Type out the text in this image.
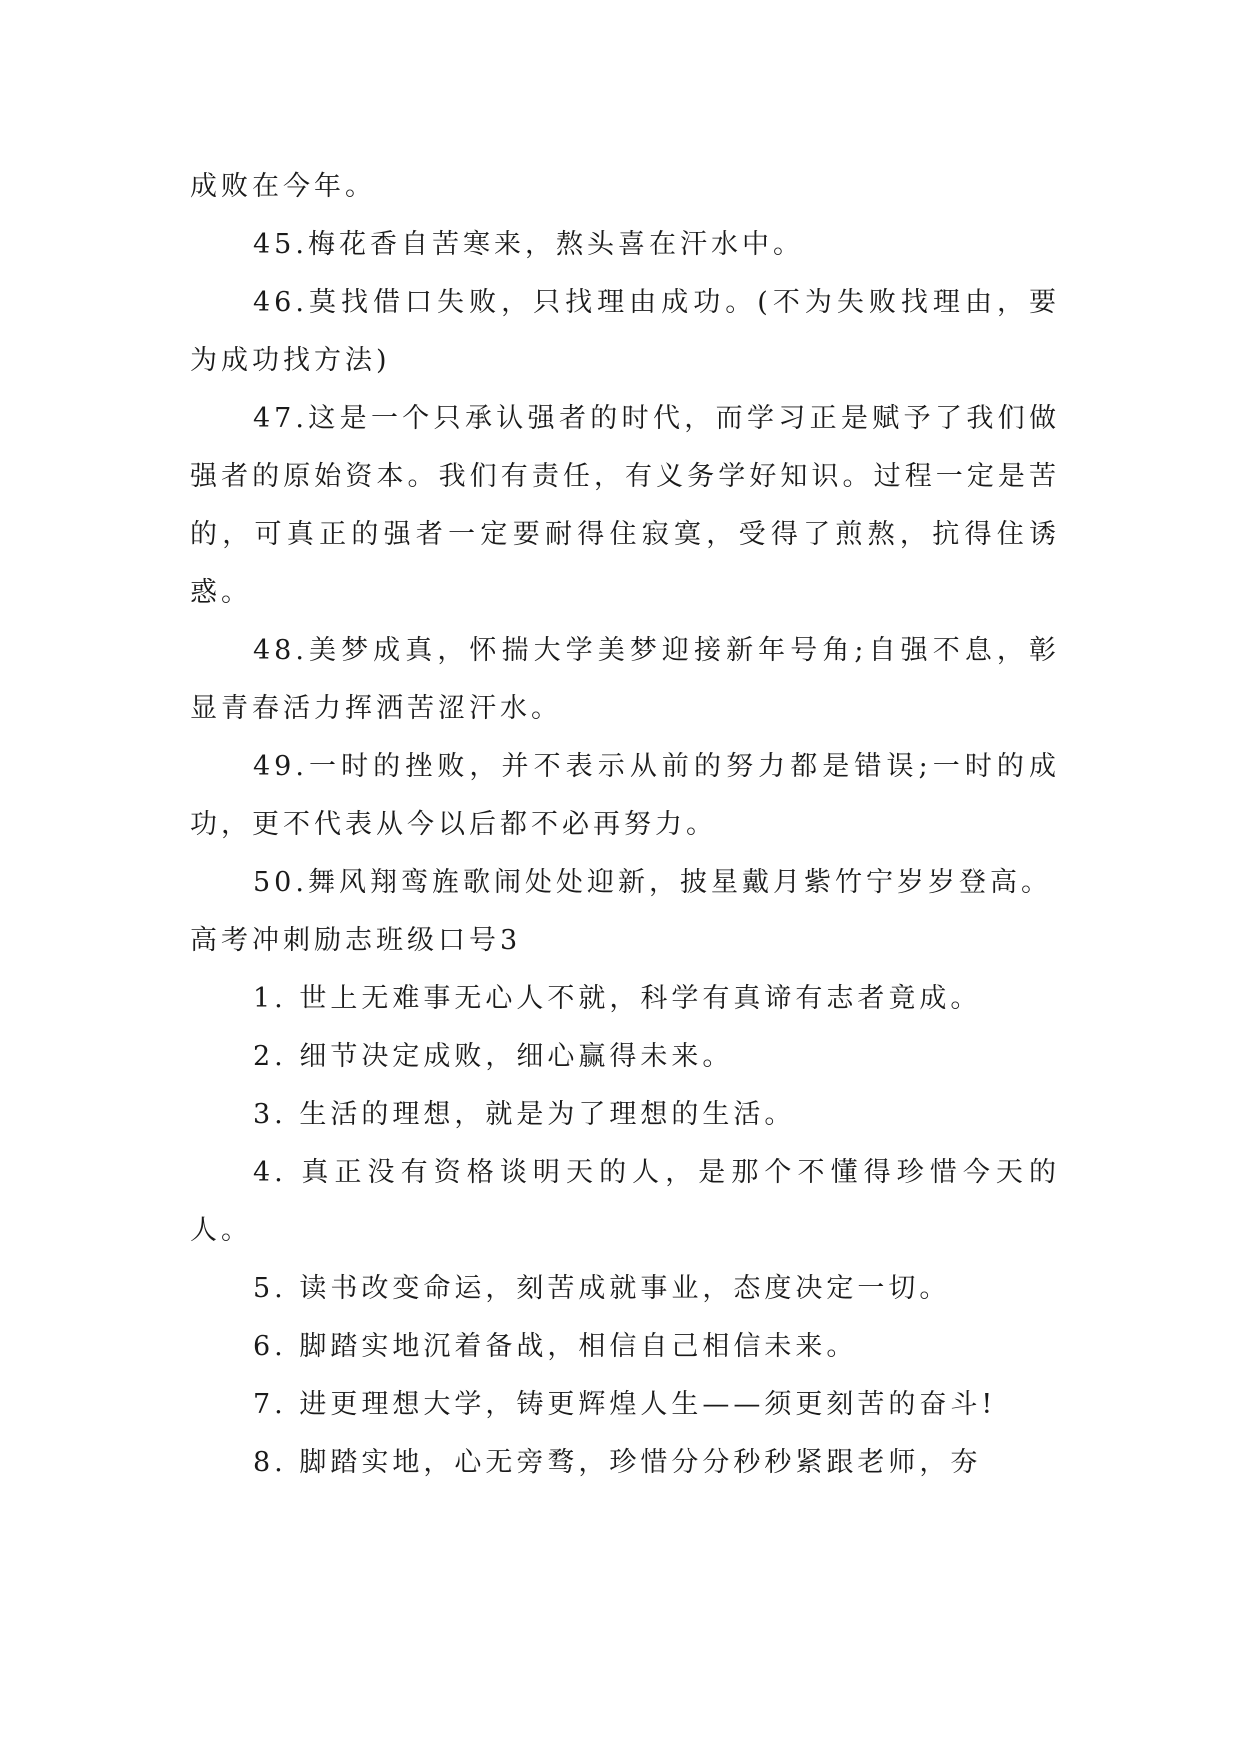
成败在今年。

45.梅花香自苦寒来，熬头喜在汗水中。

46.莫找借口失败，只找理由成功。(不为失败找理由，要为成功找方法)

47.这是一个只承认强者的时代，而学习正是赋予了我们做强者的原始资本。我们有责任，有义务学好知识。过程一定是苦的，可真正的强者一定要耐得住寂寞，受得了煎熬，抗得住诱惑。

48.美梦成真，怀揣大学美梦迎接新年号角;自强不息，彰显青春活力挥洒苦涩汗水。

49.一时的挫败，并不表示从前的努力都是错误;一时的成功，更不代表从今以后都不必再努力。

50.舞风翔鸾旌歌闹处处迎新，披星戴月紫竹宁岁岁登高。

高考冲刺励志班级口号3

1. 世上无难事无心人不就，科学有真谛有志者竟成。

2. 细节决定成败，细心赢得未来。

3. 生活的理想，就是为了理想的生活。

4. 真正没有资格谈明天的人，是那个不懂得珍惜今天的人。

5. 读书改变命运，刻苦成就事业，态度决定一切。

6. 脚踏实地沉着备战，相信自己相信未来。

7. 进更理想大学，铸更辉煌人生——须更刻苦的奋斗!

8. 脚踏实地，心无旁骛，珍惜分分秒秒紧跟老师，夯
